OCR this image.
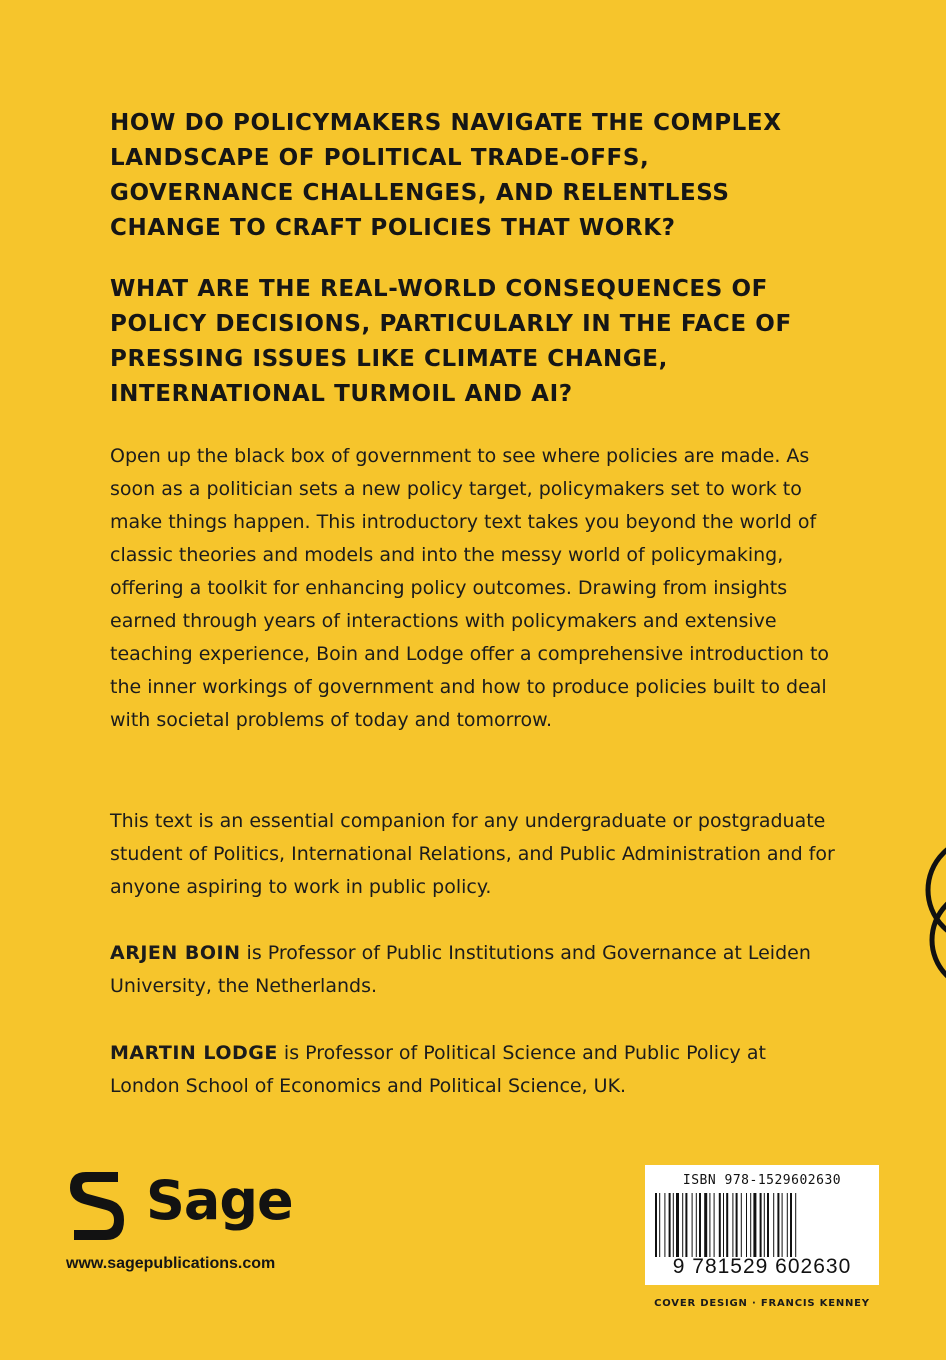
HOW DO POLICYMAKERS NAVIGATE THE COMPLEX LANDSCAPE OF POLITICAL TRADE-OFFS, GOVERNANCE CHALLENGES, AND RELENTLESS CHANGE TO CRAFT POLICIES THAT WORK?

WHAT ARE THE REAL-WORLD CONSEQUENCES OF POLICY DECISIONS, PARTICULARLY IN THE FACE OF PRESSING ISSUES LIKE CLIMATE CHANGE, INTERNATIONAL TURMOIL AND AI?

Open up the black box of government to see where policies are made. As soon as a politician sets a new policy target, policymakers set to work to make things happen. This introductory text takes you beyond the world of classic theories and models and into the messy world of policymaking, offering a toolkit for enhancing policy outcomes. Drawing from insights earned through years of interactions with policymakers and extensive teaching experience, Boin and Lodge offer a comprehensive introduction to the inner workings of government and how to produce policies built to deal with societal problems of today and tomorrow.

This text is an essential companion for any undergraduate or postgraduate student of Politics, International Relations, and Public Administration and for anyone aspiring to work in public policy.

ARJEN BOIN is Professor of Public Institutions and Governance at Leiden University, the Netherlands.

MARTIN LODGE is Professor of Political Science and Public Policy at London School of Economics and Political Science, UK.

Sage
www.sagepublications.com
ISBN 978-1529602630
9 781529 602630
COVER DESIGN · FRANCIS KENNEY
